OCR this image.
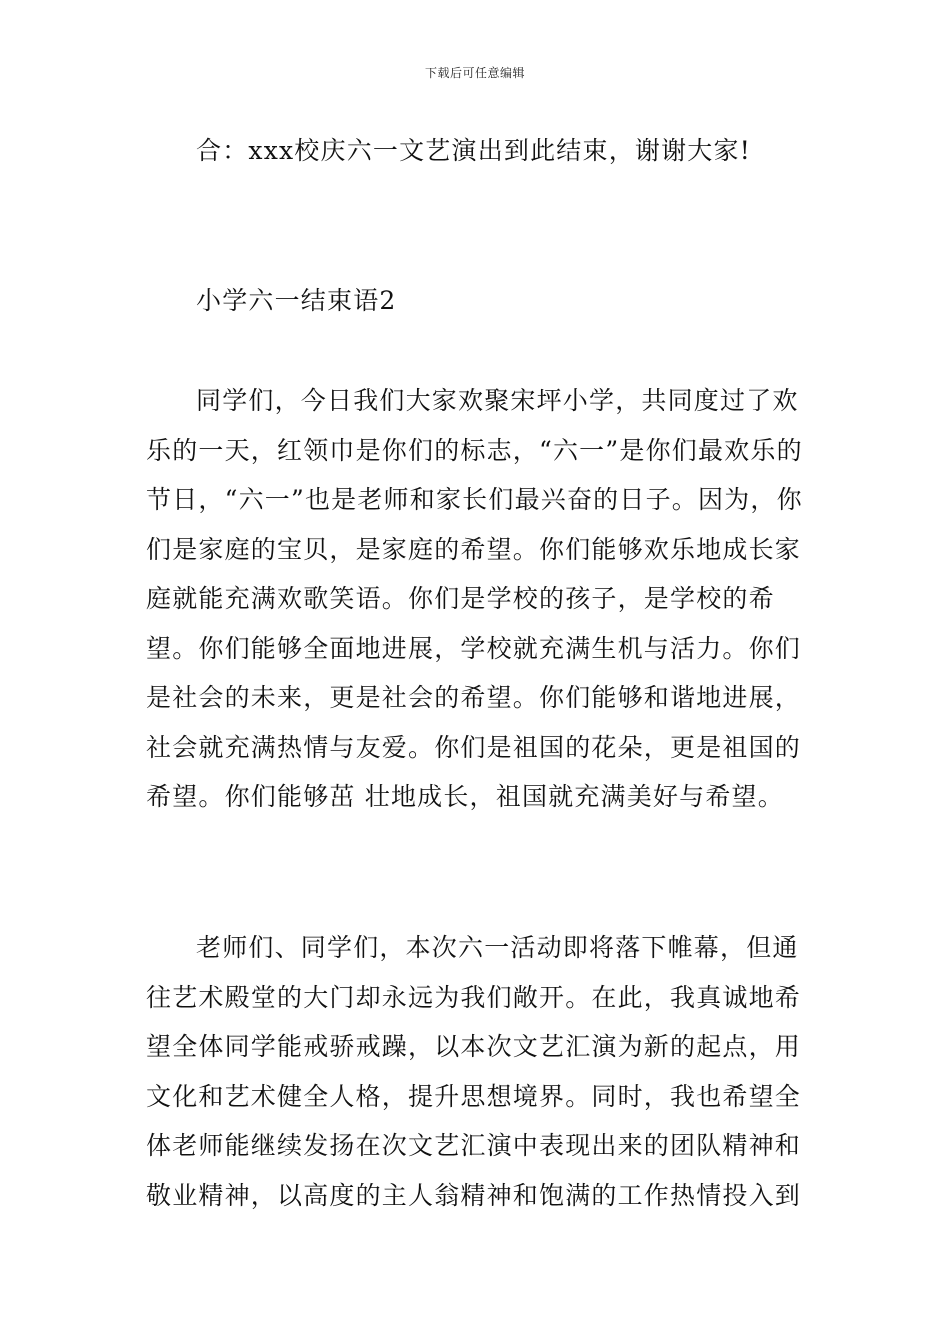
下载后可任意编辑

合：xxx校庆六一文艺演出到此结束，谢谢大家!

小学六一结束语2

同学们，今日我们大家欢聚宋坪小学，共同度过了欢乐的一天，红领巾是你们的标志，“六一”是你们最欢乐的节日，“六一”也是老师和家长们最兴奋的日子。因为，你们是家庭的宝贝，是家庭的希望。你们能够欢乐地成长家庭就能充满欢歌笑语。你们是学校的孩子，是学校的希望。你们能够全面地进展，学校就充满生机与活力。你们是社会的未来，更是社会的希望。你们能够和谐地进展，社会就充满热情与友爱。你们是祖国的花朵，更是祖国的希望。你们能够茁 壮地成长，祖国就充满美好与希望。

老师们、同学们，本次六一活动即将落下帷幕，但通往艺术殿堂的大门却永远为我们敞开。在此，我真诚地希望全体同学能戒骄戒躁，以本次文艺汇演为新的起点，用文化和艺术健全人格，提升思想境界。同时，我也希望全体老师能继续发扬在次文艺汇演中表现出来的团队精神和敬业精神，以高度的主人翁精神和饱满的工作热情投入到
